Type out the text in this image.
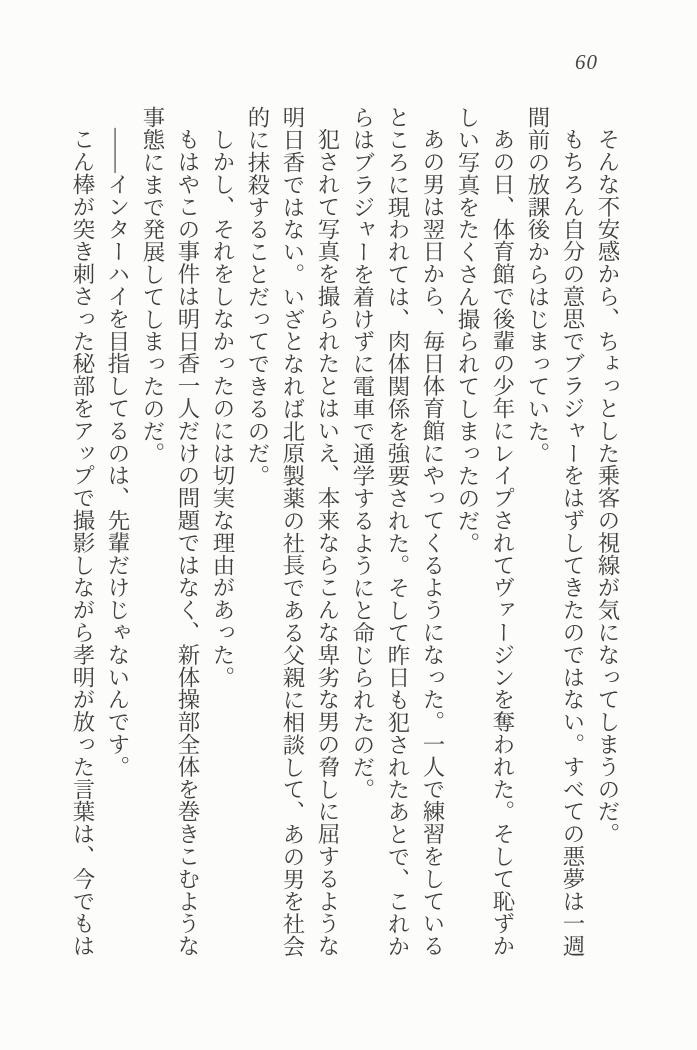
60

そんな不安感から、ちょっとした乗客の視線が気になってしまうのだ。

もちろん自分の意思でブラジャーをはずしてきたのではない。すべての悪夢は一週間前の放課後からはじまっていた。

あの日、体育館で後輩の少年にレイプされてヴァージンを奪われた。そして恥ずかしい写真をたくさん撮られてしまったのだ。

あの男は翌日から、毎日体育館にやってくるようになった。一人で練習をしているところに現われては、肉体関係を強要された。そして昨日も犯されたあとで、これからはブラジャーを着けずに電車で通学するようにと命じられたのだ。

犯されて写真を撮られたとはいえ、本来ならこんな卑劣な男の脅しに屈するような明日香ではない。いざとなれば北原製薬の社長である父親に相談して、あの男を社会的に抹殺することだってできるのだ。

しかし、それをしなかったのには切実な理由があった。

もはやこの事件は明日香一人だけの問題ではなく、新体操部全体を巻きこむような事態にまで発展してしまったのだ。

――インターハイを目指してるのは、先輩だけじゃないんです。

こん棒が突き刺さった秘部をアップで撮影しながら孝明が放った言葉は、今でもは
